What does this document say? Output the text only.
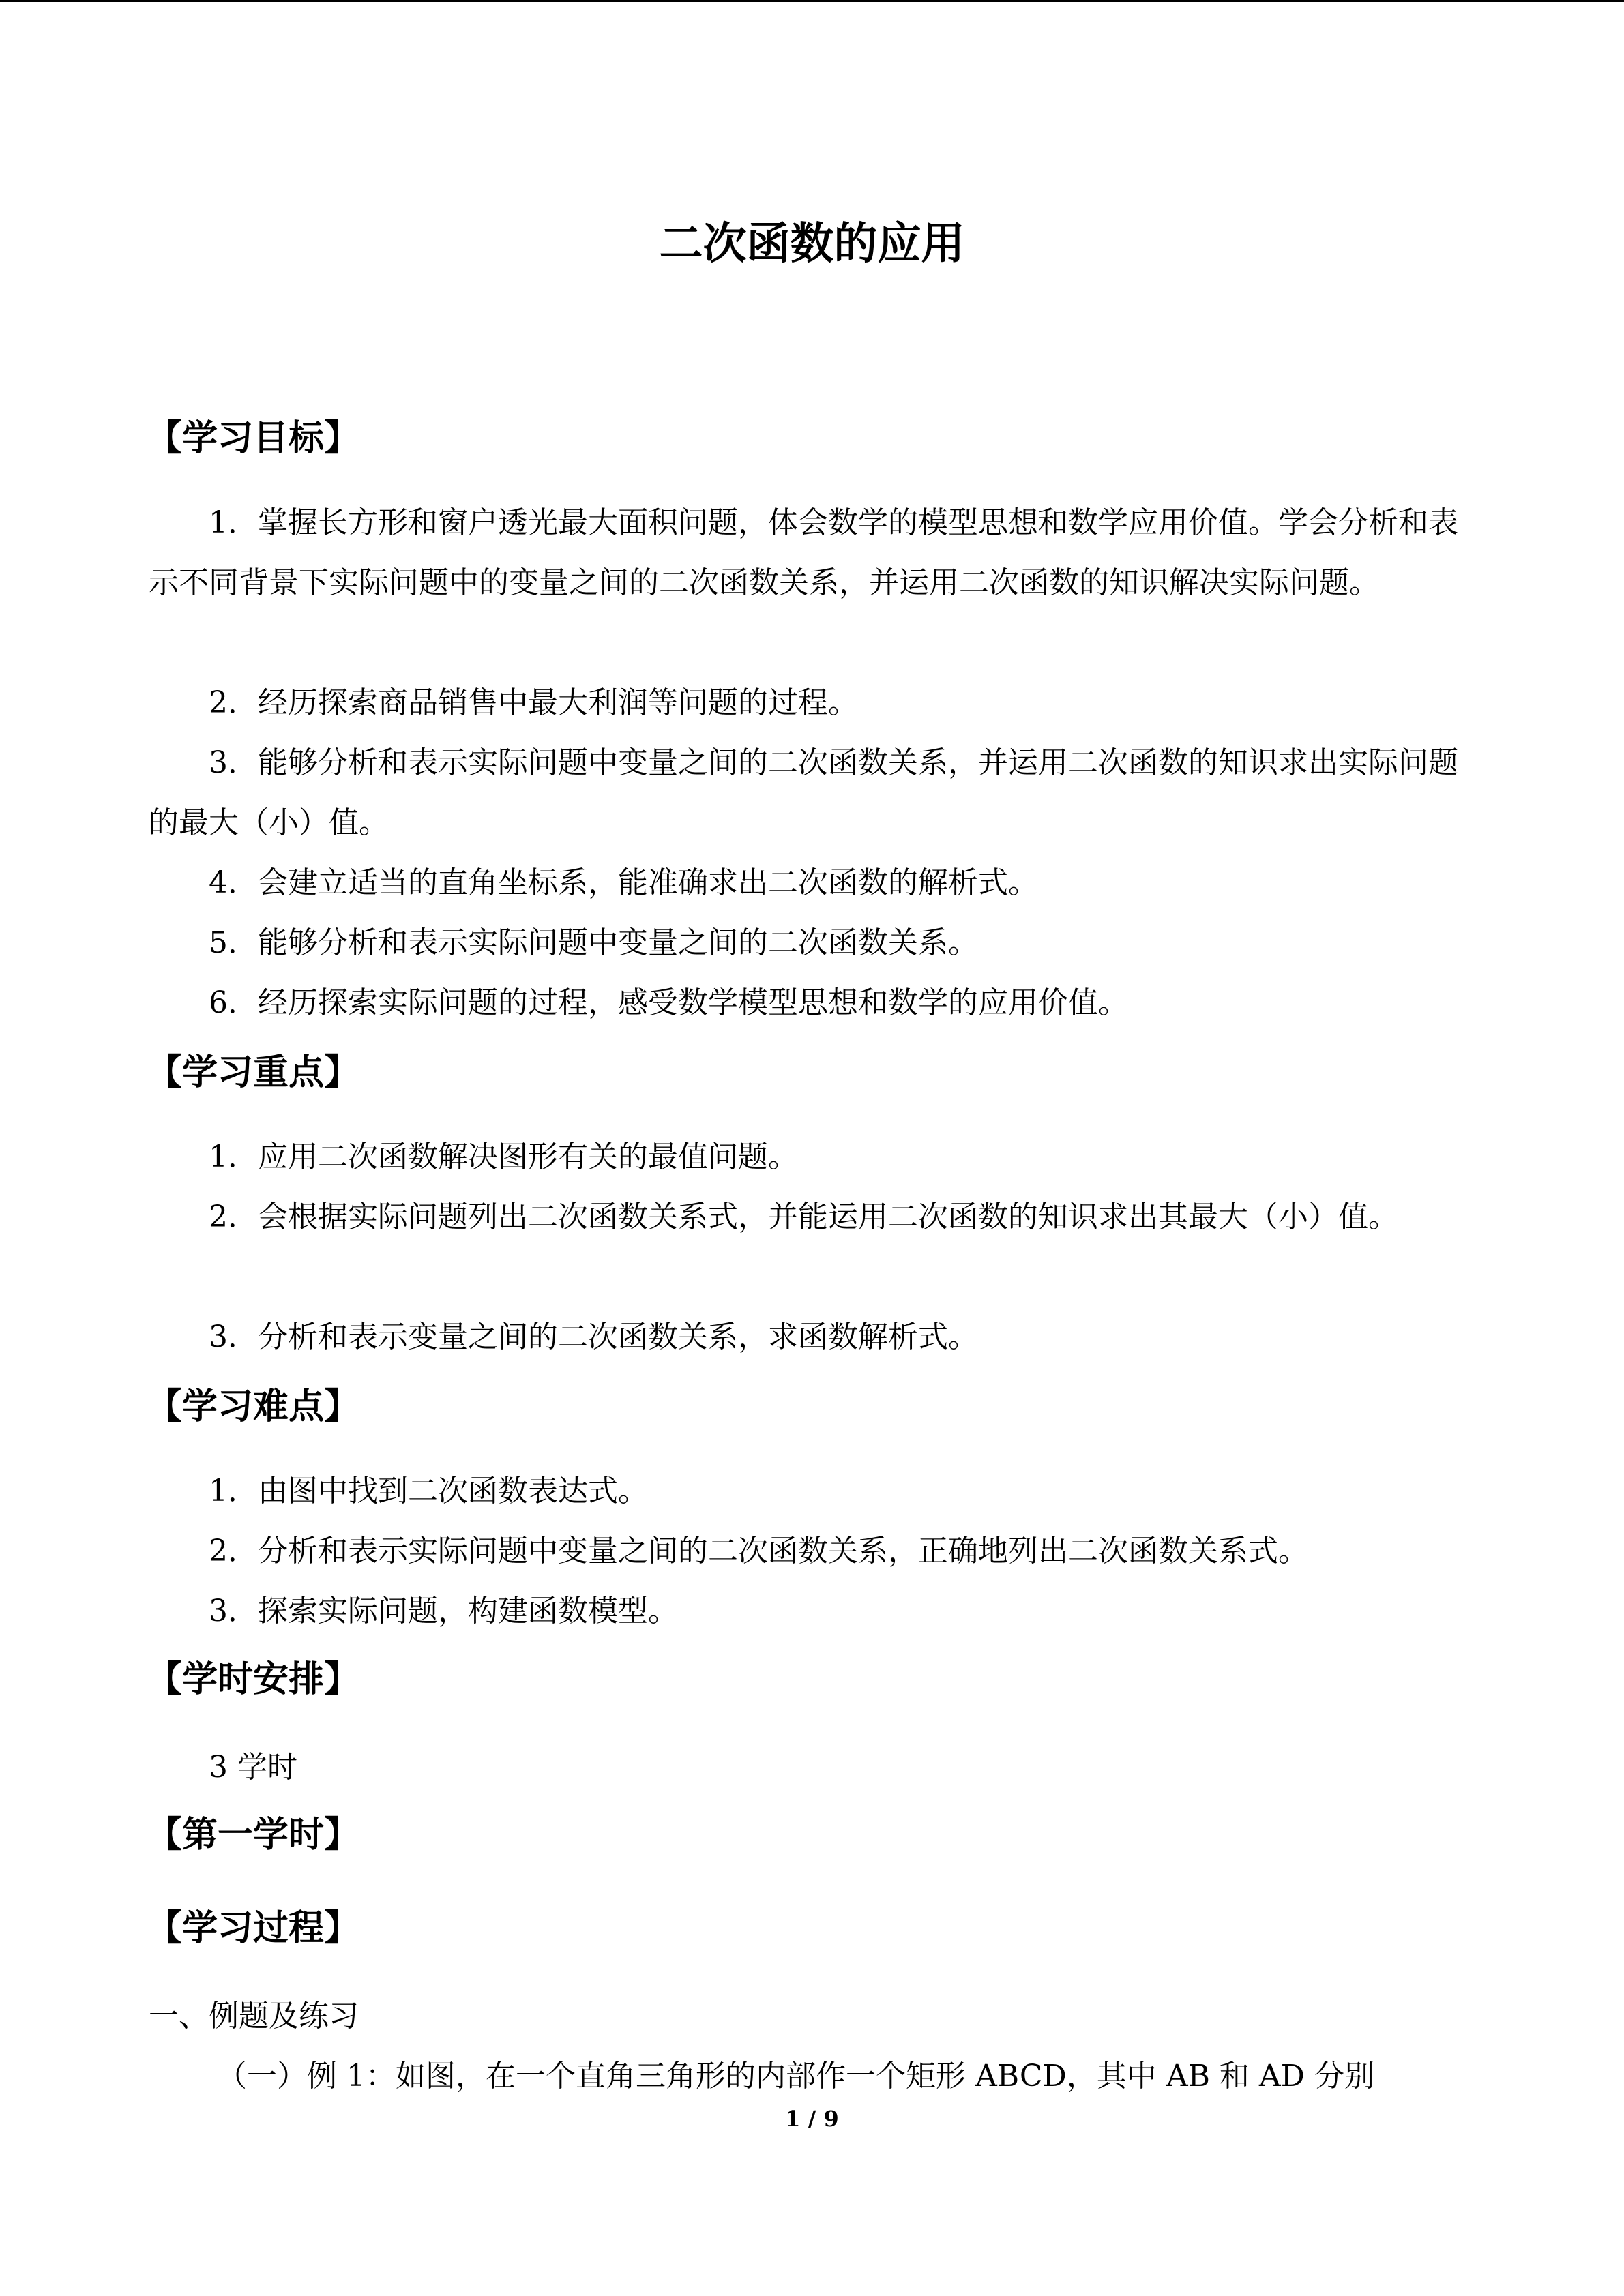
二次函数的应用
【学习目标】
1．掌握长方形和窗户透光最大面积问题，体会数学的模型思想和数学应用价值。学会分析和表示不同背景下实际问题中的变量之间的二次函数关系，并运用二次函数的知识解决实际问题。
2．经历探索商品销售中最大利润等问题的过程。
3．能够分析和表示实际问题中变量之间的二次函数关系，并运用二次函数的知识求出实际问题的最大（小）值。
4．会建立适当的直角坐标系，能准确求出二次函数的解析式。
5．能够分析和表示实际问题中变量之间的二次函数关系。
6．经历探索实际问题的过程，感受数学模型思想和数学的应用价值。
【学习重点】
1．应用二次函数解决图形有关的最值问题。
2．会根据实际问题列出二次函数关系式，并能运用二次函数的知识求出其最大（小）值。
3．分析和表示变量之间的二次函数关系，求函数解析式。
【学习难点】
1．由图中找到二次函数表达式。
2．分析和表示实际问题中变量之间的二次函数关系，正确地列出二次函数关系式。
3．探索实际问题，构建函数模型。
【学时安排】
3 学时
【第一学时】
【学习过程】
一、例题及练习
（一）例 1：如图，在一个直角三角形的内部作一个矩形 ABCD，其中 AB 和 AD 分别
1 / 9
